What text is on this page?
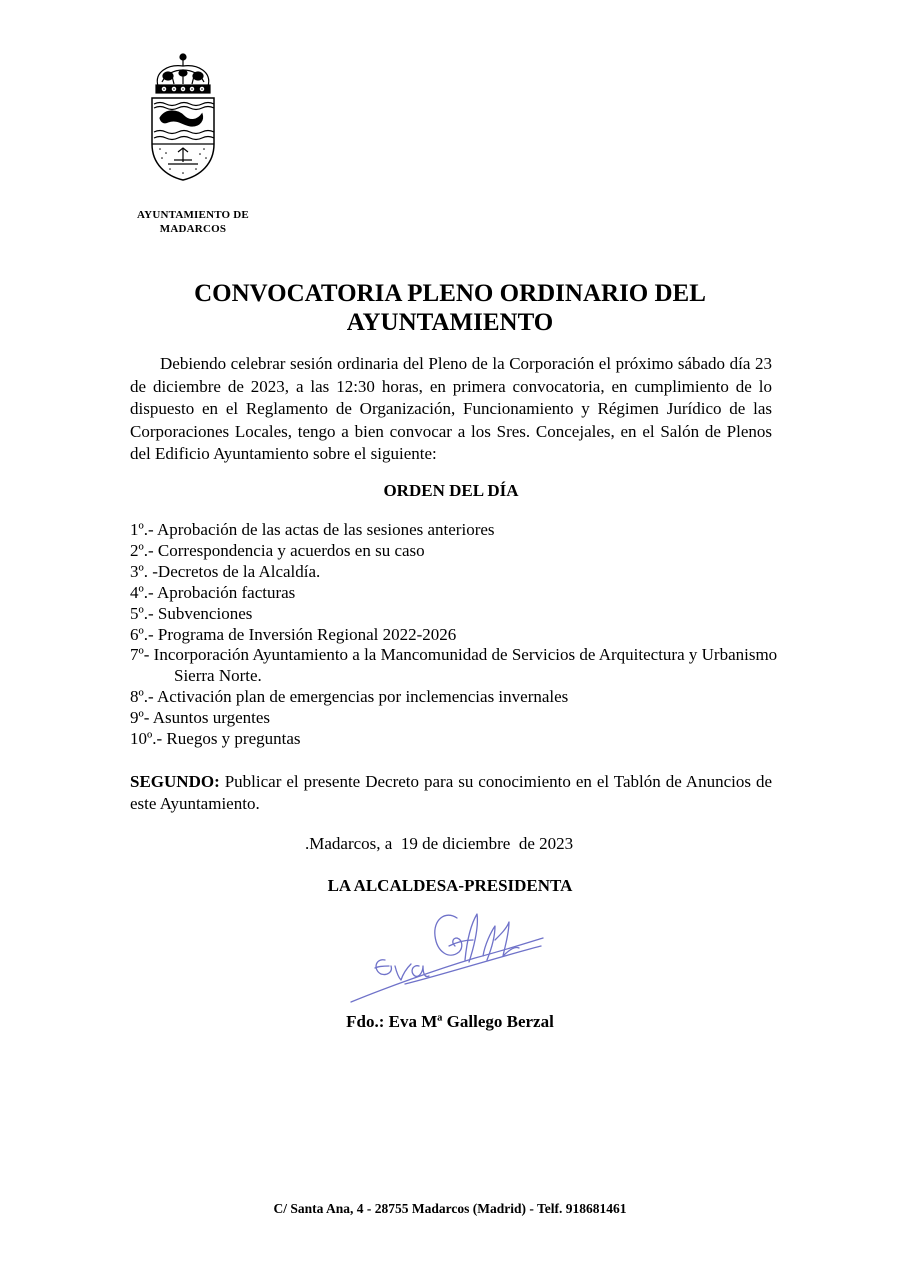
AYUNTAMIENTO DE
MADARCOS
CONVOCATORIA PLENO ORDINARIO DEL
AYUNTAMIENTO

Debiendo celebrar sesión ordinaria del Pleno de la Corporación el próximo sábado día 23 de diciembre de 2023, a las 12:30 horas, en primera convocatoria, en cumplimiento de lo dispuesto en el Reglamento de Organización, Funcionamiento y Régimen Jurídico de las Corporaciones Locales, tengo a bien convocar a los Sres. Concejales, en el Salón de Plenos del Edificio Ayuntamiento sobre el siguiente:

ORDEN DEL DÍA
1º.- Aprobación de las actas de las sesiones anteriores
2º.- Correspondencia y acuerdos en su caso
3º. -Decretos de la Alcaldía.
4º.- Aprobación facturas
5º.- Subvenciones
6º.- Programa de Inversión Regional 2022-2026
7º- Incorporación Ayuntamiento a la Mancomunidad de Servicios de Arquitectura y Urbanismo Sierra Norte.
8º.- Activación plan de emergencias por inclemencias invernales
9º- Asuntos urgentes
10º.- Ruegos y preguntas

SEGUNDO: Publicar el presente Decreto para su conocimiento en el Tablón de Anuncios de este Ayuntamiento.

.Madarcos, a  19 de diciembre  de 2023
LA ALCALDESA-PRESIDENTA
Fdo.: Eva Mª Gallego Berzal
C/ Santa Ana, 4 - 28755 Madarcos (Madrid) - Telf. 918681461
